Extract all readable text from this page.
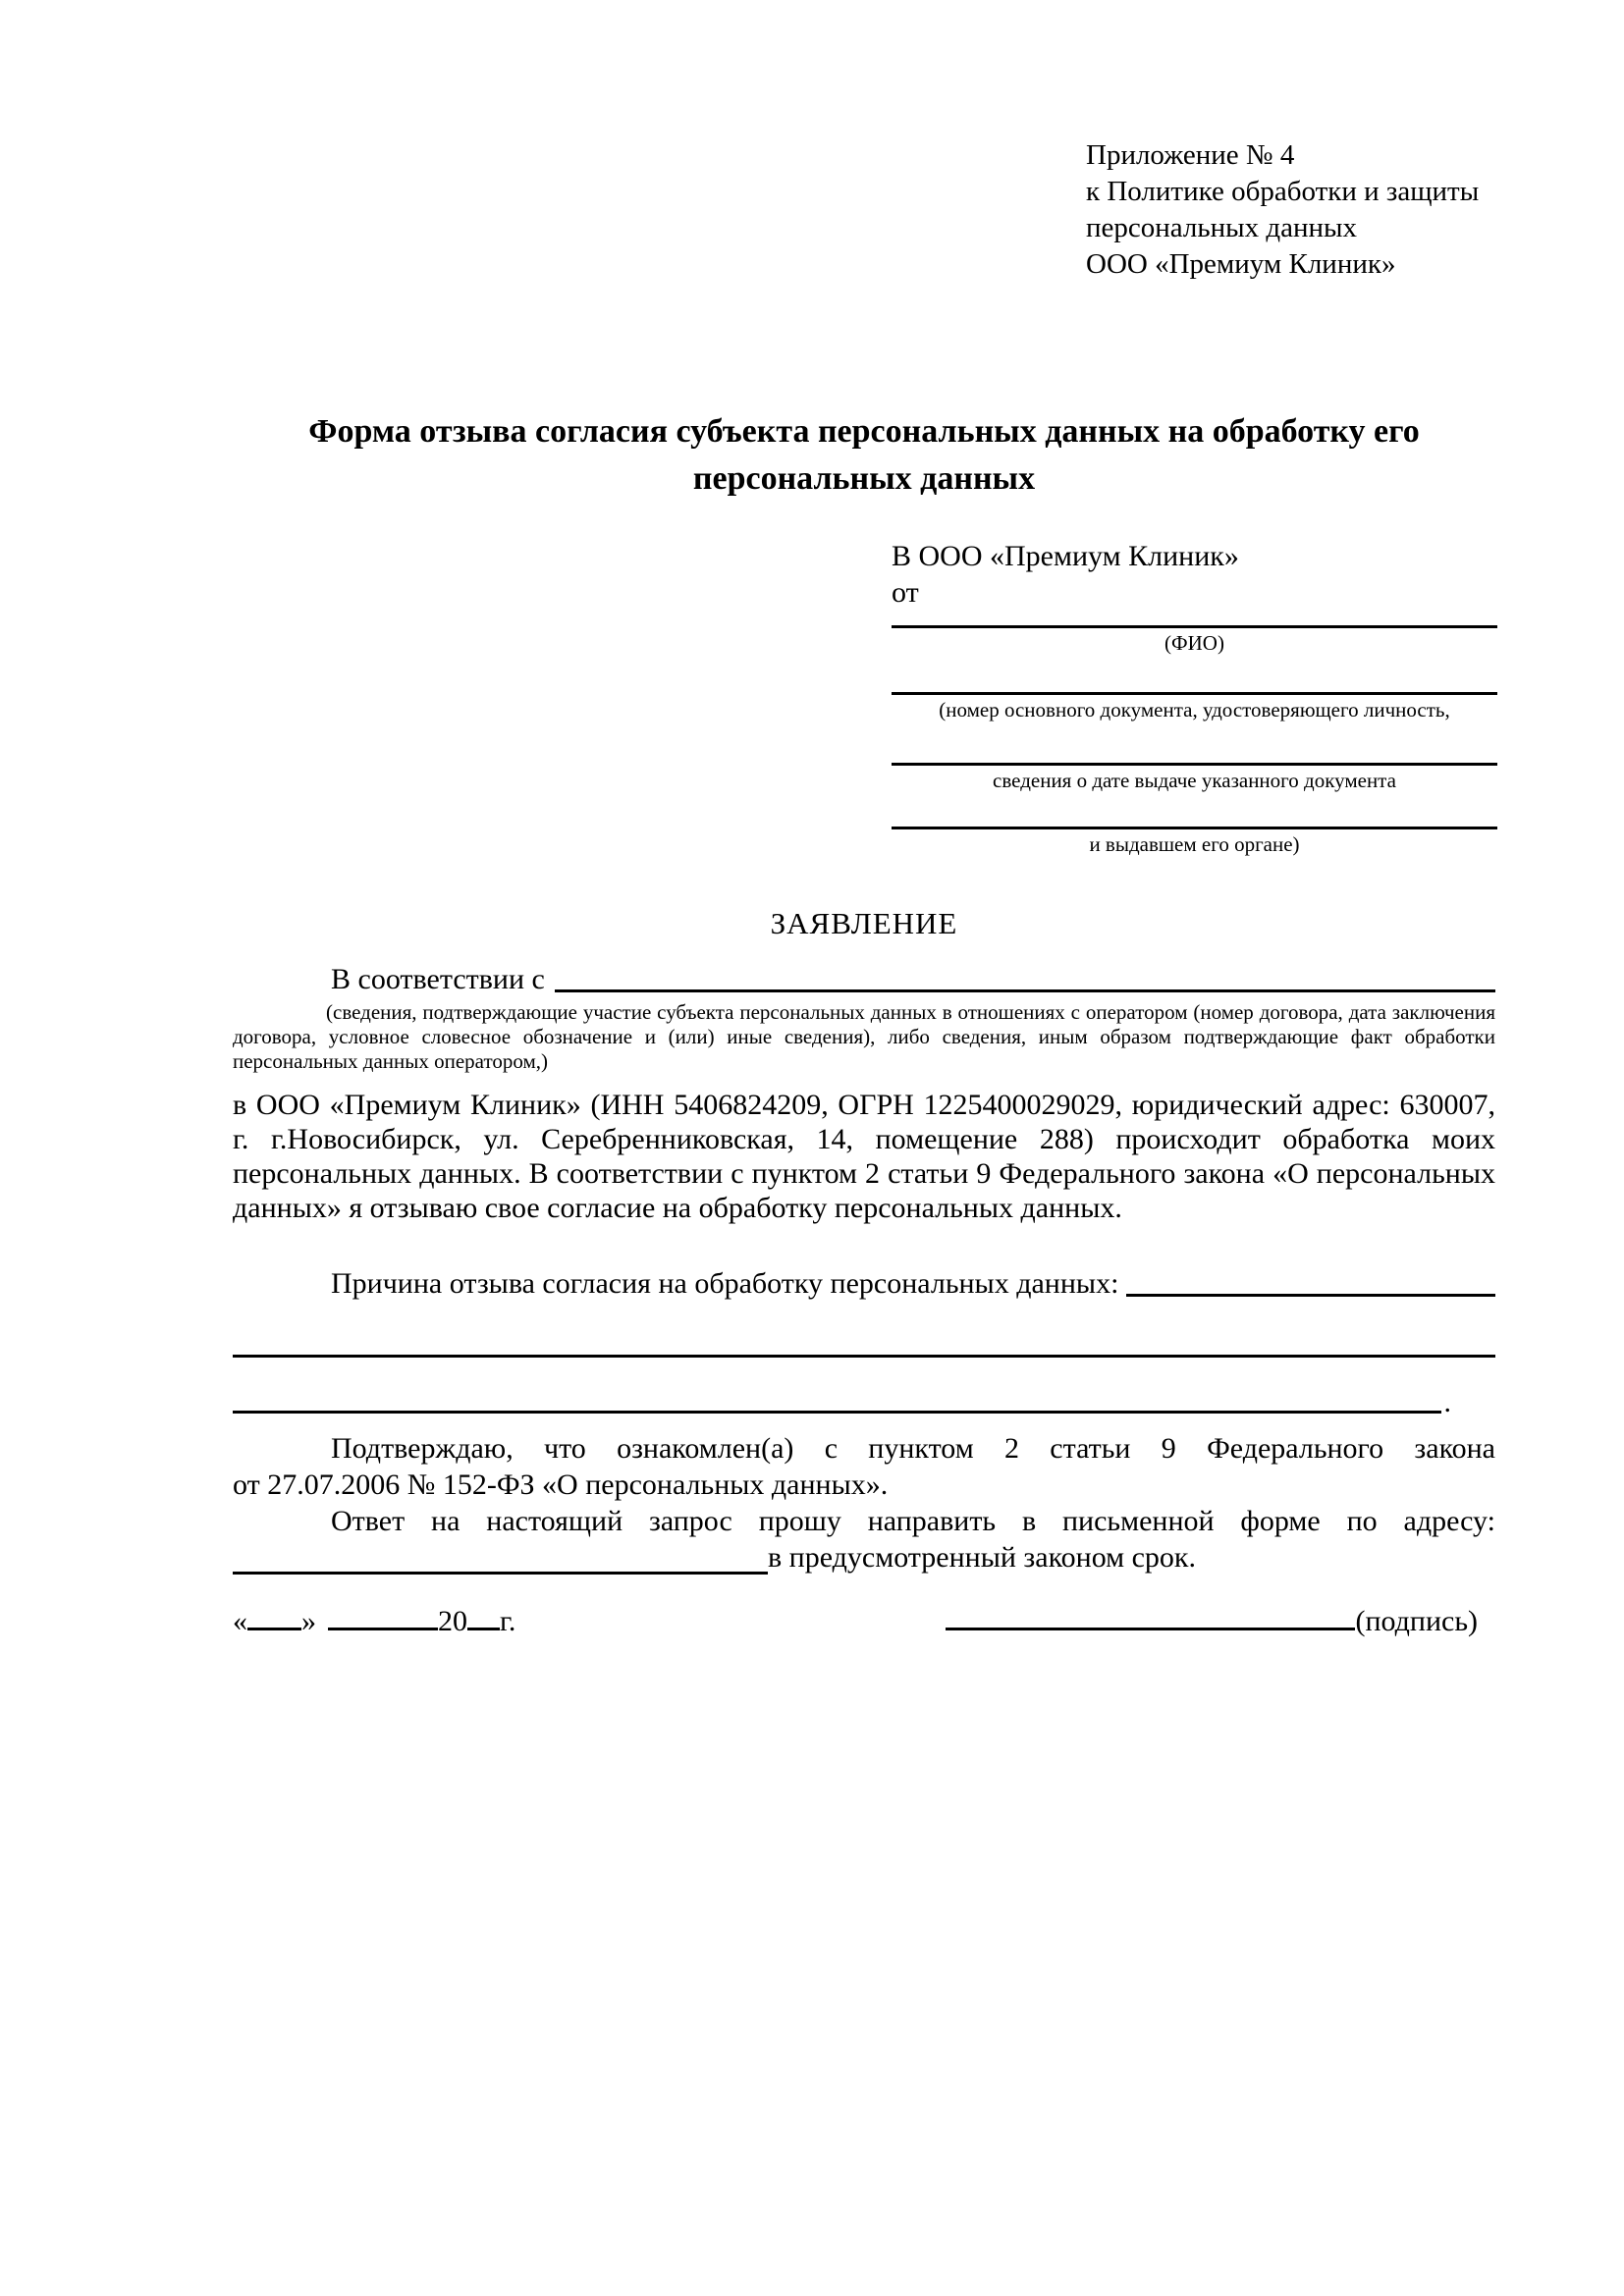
Приложение № 4
к Политике обработки и защиты
персональных данных
ООО «Премиум Клиник»
Форма отзыва согласия субъекта персональных данных на обработку его персональных данных
В ООО «Премиум Клиник»
от
(ФИО)
(номер основного документа, удостоверяющего личность,
сведения о дате выдаче указанного документа
и выдавшем его органе)
ЗАЯВЛЕНИЕ
В соответствии с

(сведения, подтверждающие участие субъекта персональных данных в отношениях с оператором (номер договора, дата заключения договора, условное словесное обозначение и (или) иные сведения), либо сведения, иным образом подтверждающие факт обработки персональных данных оператором,)

в ООО «Премиум Клиник» (ИНН 5406824209, ОГРН 1225400029029, юридический адрес: 630007, г. г.Новосибирск, ул. Серебренниковская, 14, помещение 288) происходит обработка моих персональных данных. В соответствии с пунктом 2 статьи 9 Федерального закона «О персональных данных» я отзываю свое согласие на обработку персональных данных.

Причина отзыва согласия на обработку персональных данных:
.

Подтверждаю, что ознакомлен(а) с пунктом 2 статьи 9 Федерального закона

от 27.07.2006 № 152-ФЗ «О персональных данных».

Ответ на настоящий запрос прошу направить в письменной форме по адресу:

в предусмотренный законом срок.
« »	20 г.	(подпись)
